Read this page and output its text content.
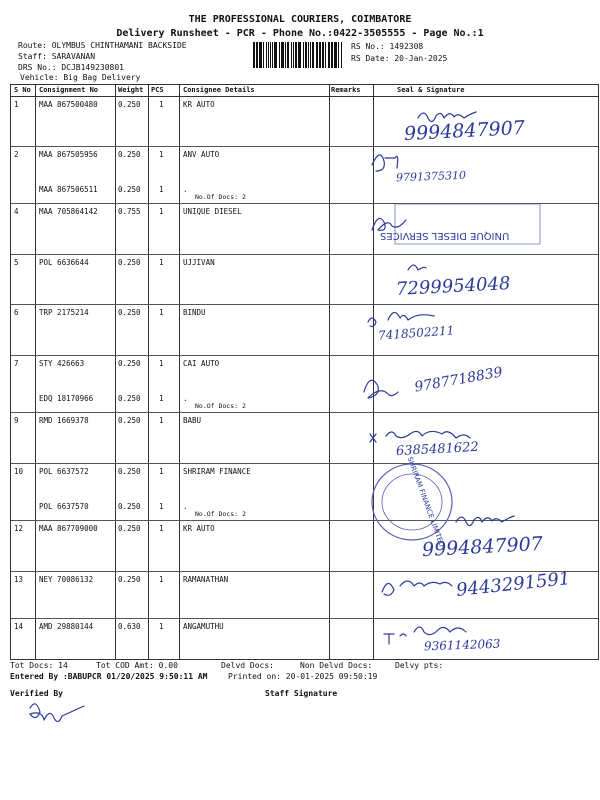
THE PROFESSIONAL COURIERS, COIMBATORE
Delivery Runsheet - PCR - Phone No.:0422-3505555 - Page No.:1
Route: OLYMBUS CHINTHAMANI BACKSIDE
Staff: SARAVANAN
DRS No.: DCJB149230801
Vehicle: Big Bag Delivery
RS No.: 1492308
RS Date: 20-Jan-2025
S No Consignment No	Weight PCS	Consignee Details	Remarks	Seal & Signature
1	MAA 867500480	0.250 1	KR AUTO
2	MAA 867505956	0.250 1	ANV AUTO
MAA 867506511	0.250 1	.
No.Of Docs: 2
4	MAA 705864142	0.755 1	UNIQUE DIESEL
5	POL 6636644	0.250 1	UJJIVAN
6	TRP 2175214	0.250 1	BINDU
7	STY 426663	0.250 1	CAI AUTO
EDQ 18170966	0.250 1	.
No.Of Docs: 2
9	RMD 1669378	0.250 1	BABU
10 POL 6637572	0.250 1	SHRIRAM FINANCE
POL 6637570	0.250 1	.
No.Of Docs: 2
12 MAA 867709000	0.250 1	KR AUTO
13 NEY 70086132	0.250 1	RAMANATHAN
14 AMD 29880144	0.630 1	ANGAMUTHU
9994847907
9791375310
UNIQUE DIESEL SERVICES
7299954048
7418502211
9787718839
6385481622
SHRIRAM FINANCE LIMITED
9994847907
9443291591
9361142063
Tot Docs: 14	Tot COD Amt: 0.00	Delvd Docs:	Non Delvd Docs:	Delvy pts:
Entered By :BABUPCR 01/20/2025 9:50:11 AM	Printed on: 20-01-2025 09:50:19
Verified By	Staff Signature
